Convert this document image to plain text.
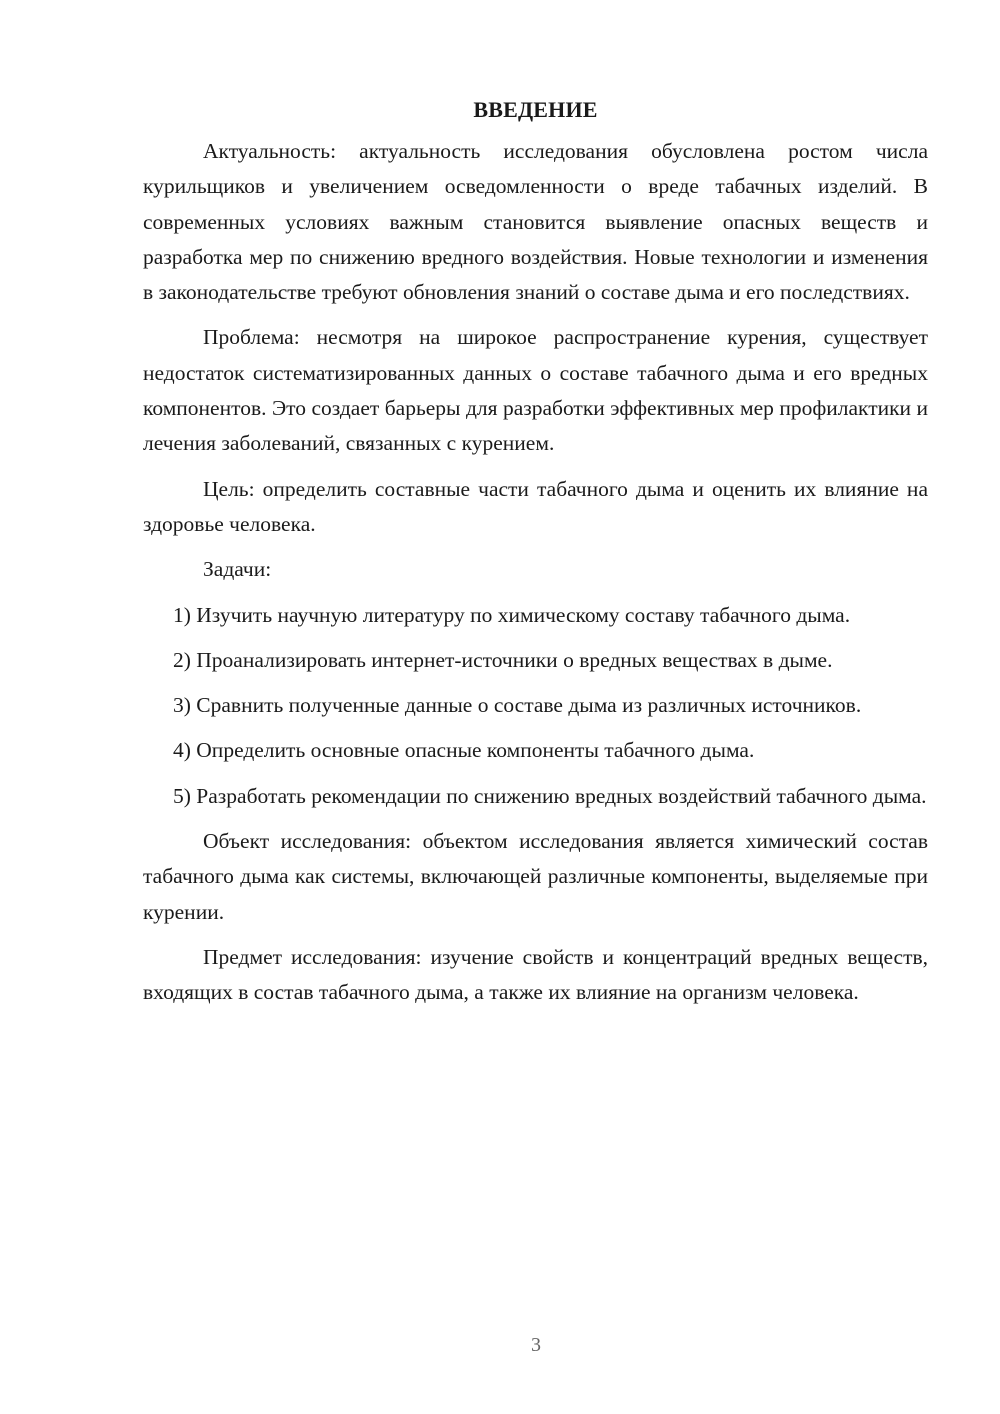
ВВЕДЕНИЕ

Актуальность: актуальность исследования обусловлена ростом числа курильщиков и увеличением осведомленности о вреде табачных изделий. В современных условиях важным становится выявление опасных веществ и разработка мер по снижению вредного воздействия. Новые технологии и изменения в законодательстве требуют обновления знаний о составе дыма и его последствиях.

Проблема: несмотря на широкое распространение курения, существует недостаток систематизированных данных о составе табачного дыма и его вредных компонентов. Это создает барьеры для разработки эффективных мер профилактики и лечения заболеваний, связанных с курением.

Цель: определить составные части табачного дыма и оценить их влияние на здоровье человека.

Задачи:

1) Изучить научную литературу по химическому составу табачного дыма.

2) Проанализировать интернет-источники о вредных веществах в дыме.

3) Сравнить полученные данные о составе дыма из различных источников.

4) Определить основные опасные компоненты табачного дыма.

5) Разработать рекомендации по снижению вредных воздействий табачного дыма.

Объект исследования: объектом исследования является химический состав табачного дыма как системы, включающей различные компоненты, выделяемые при курении.

Предмет исследования: изучение свойств и концентраций вредных веществ, входящих в состав табачного дыма, а также их влияние на организм человека.

3
